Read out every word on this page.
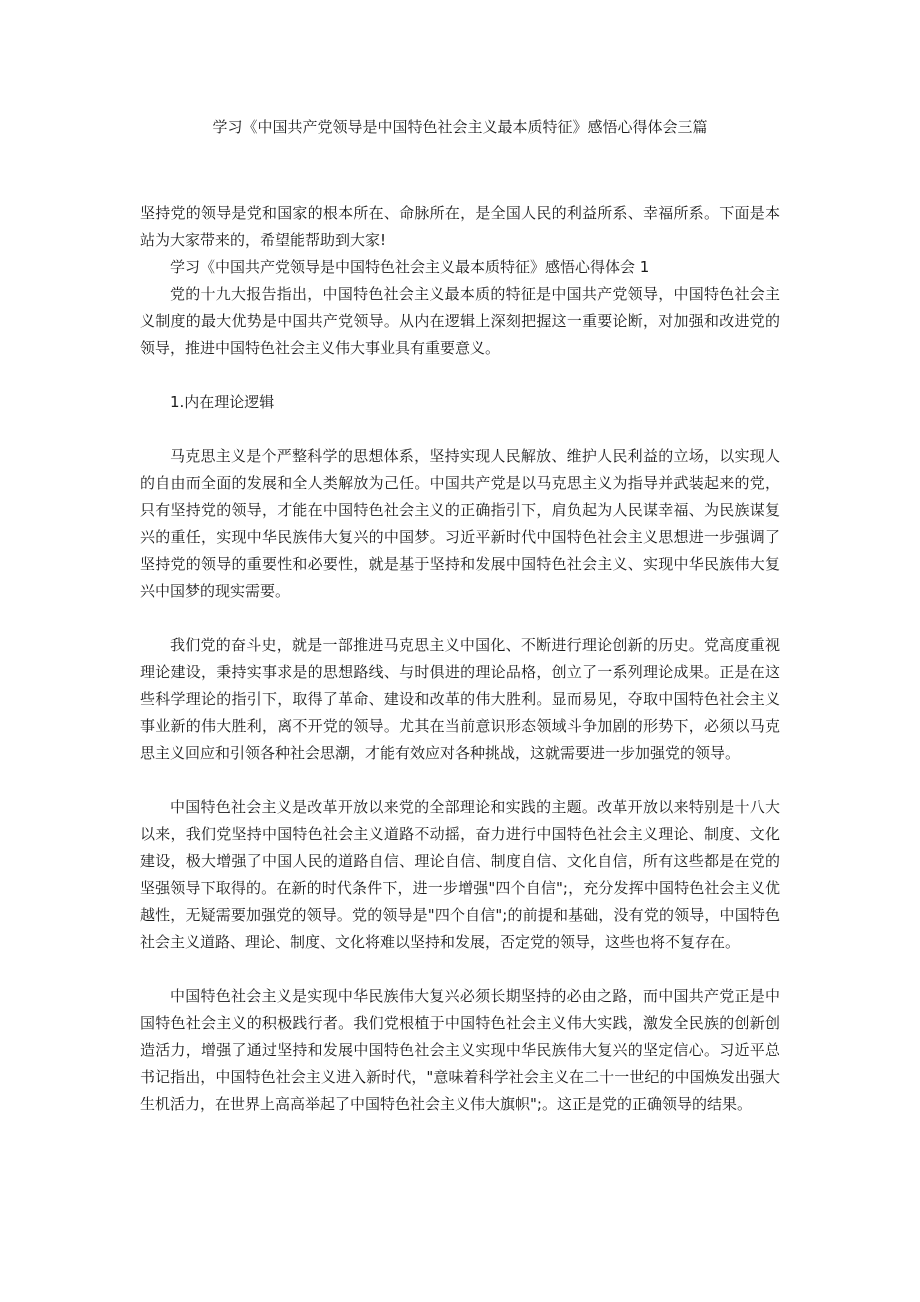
学习《中国共产党领导是中国特色社会主义最本质特征》感悟心得体会三篇

坚持党的领导是党和国家的根本所在、命脉所在，是全国人民的利益所系、幸福所系。下面是本站为大家带来的，希望能帮助到大家!

学习《中国共产党领导是中国特色社会主义最本质特征》感悟心得体会 1

党的十九大报告指出，中国特色社会主义最本质的特征是中国共产党领导，中国特色社会主义制度的最大优势是中国共产党领导。从内在逻辑上深刻把握这一重要论断，对加强和改进党的领导，推进中国特色社会主义伟大事业具有重要意义。

1.内在理论逻辑

马克思主义是个严整科学的思想体系，坚持实现人民解放、维护人民利益的立场，以实现人的自由而全面的发展和全人类解放为己任。中国共产党是以马克思主义为指导并武装起来的党，只有坚持党的领导，才能在中国特色社会主义的正确指引下，肩负起为人民谋幸福、为民族谋复兴的重任，实现中华民族伟大复兴的中国梦。习近平新时代中国特色社会主义思想进一步强调了坚持党的领导的重要性和必要性，就是基于坚持和发展中国特色社会主义、实现中华民族伟大复兴中国梦的现实需要。

我们党的奋斗史，就是一部推进马克思主义中国化、不断进行理论创新的历史。党高度重视理论建设，秉持实事求是的思想路线、与时俱进的理论品格，创立了一系列理论成果。正是在这些科学理论的指引下，取得了革命、建设和改革的伟大胜利。显而易见，夺取中国特色社会主义事业新的伟大胜利，离不开党的领导。尤其在当前意识形态领域斗争加剧的形势下，必须以马克思主义回应和引领各种社会思潮，才能有效应对各种挑战，这就需要进一步加强党的领导。

中国特色社会主义是改革开放以来党的全部理论和实践的主题。改革开放以来特别是十八大以来，我们党坚持中国特色社会主义道路不动摇，奋力进行中国特色社会主义理论、制度、文化建设，极大增强了中国人民的道路自信、理论自信、制度自信、文化自信，所有这些都是在党的坚强领导下取得的。在新的时代条件下，进一步增强"四个自信";，充分发挥中国特色社会主义优越性，无疑需要加强党的领导。党的领导是"四个自信";的前提和基础，没有党的领导，中国特色社会主义道路、理论、制度、文化将难以坚持和发展，否定党的领导，这些也将不复存在。

中国特色社会主义是实现中华民族伟大复兴必须长期坚持的必由之路，而中国共产党正是中国特色社会主义的积极践行者。我们党根植于中国特色社会主义伟大实践，激发全民族的创新创造活力，增强了通过坚持和发展中国特色社会主义实现中华民族伟大复兴的坚定信心。习近平总书记指出，中国特色社会主义进入新时代，"意味着科学社会主义在二十一世纪的中国焕发出强大生机活力，在世界上高高举起了中国特色社会主义伟大旗帜";。这正是党的正确领导的结果。
